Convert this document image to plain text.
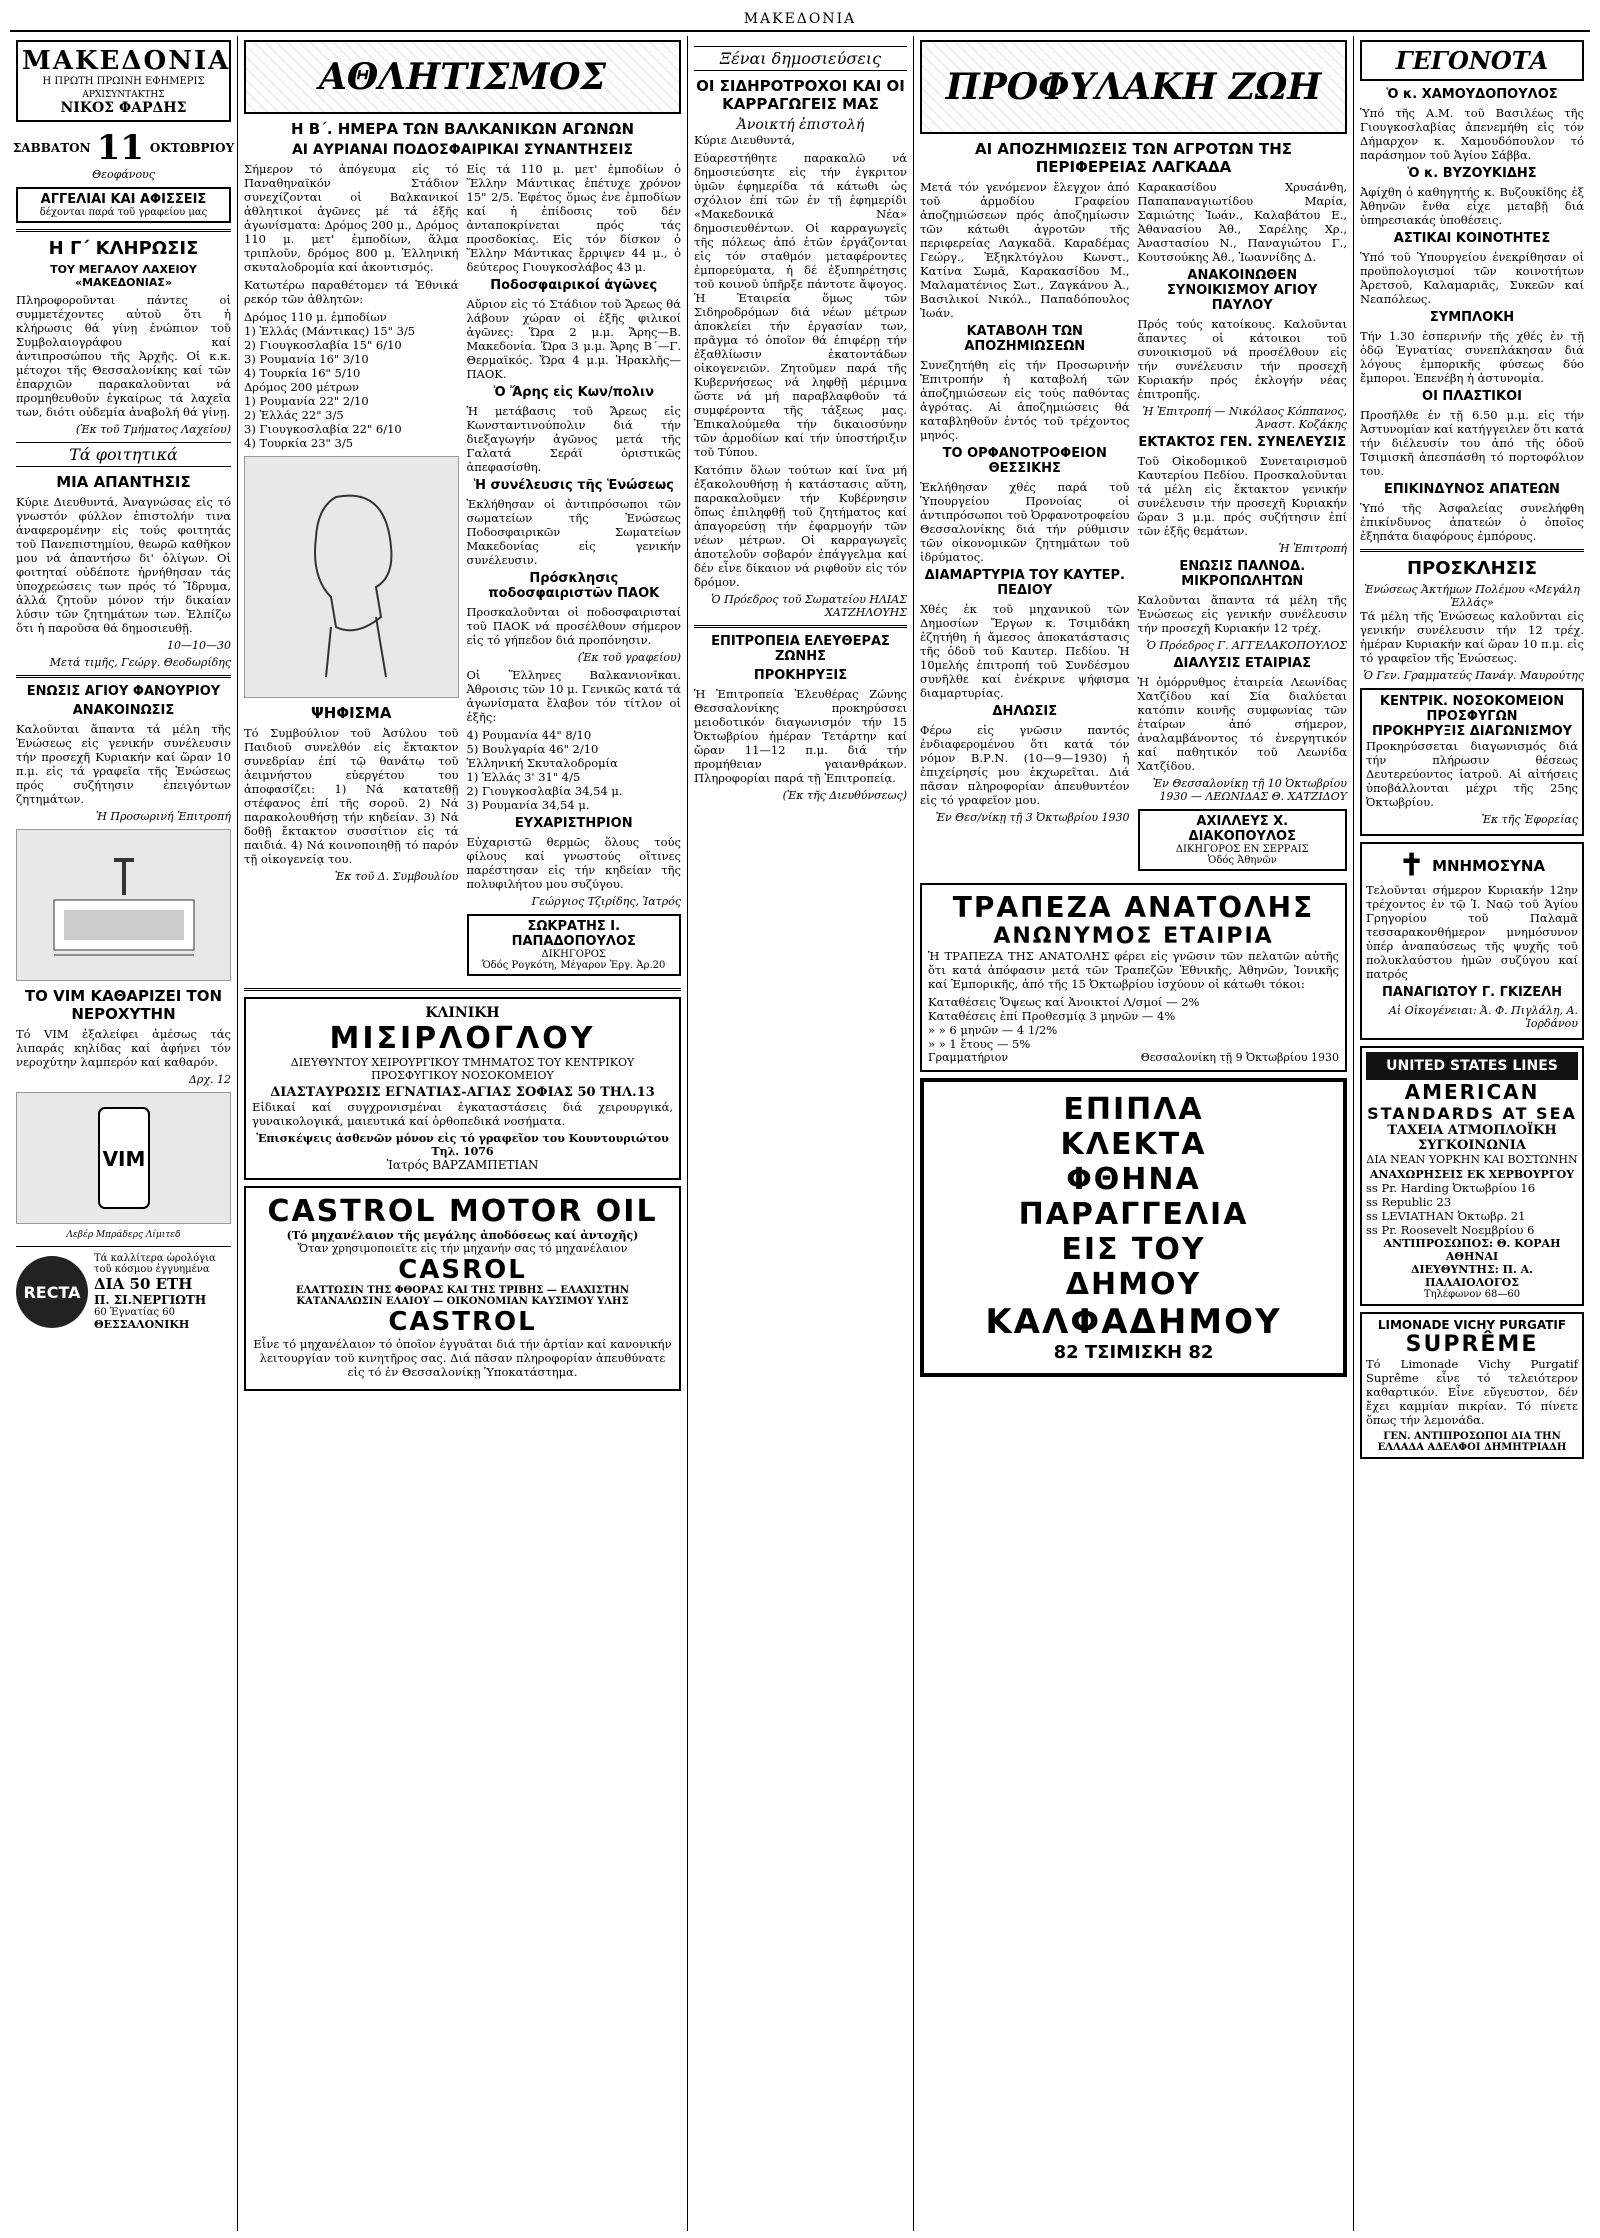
ΜΑΚΕΔΟΝΙΑ
ΜΑΚΕΔΟΝΙΑ
Η ΠΡΩΤΗ ΠΡΩΙΝΗ ΕΦΗΜΕΡΙΣ
ΑΡΧΙΣΥΝΤΑΚΤΗΣ
ΝΙΚΟΣ ΦΑΡΔΗΣ
ΣΑΒΒΑΤΟΝ 11 ΟΚΤΩΒΡΙΟΥ
Θεοφάνους
ΑΓΓΕΛΙΑΙ ΚΑΙ ΑΦΙΣΣΕΙΣ
δέχονται παρά τοῦ γραφείου μας
Η Γ΄ ΚΛΗΡΩΣΙΣ
ΤΟΥ ΜΕΓΑΛΟΥ ΛΑΧΕΙΟΥ «ΜΑΚΕΔΟΝΙΑΣ»

Πληροφοροῦνται πάντες οἱ συμμετέχοντες αὐτοῦ ὅτι ἡ κλήρωσις θά γίνῃ ἐνώπιον τοῦ Συμβολαιογράφου καί ἀντιπροσώπου τῆς Ἀρχῆς. Οἱ κ.κ. μέτοχοι τῆς Θεσσαλονίκης καί τῶν ἐπαρχιῶν παρακαλοῦνται νά προμηθευθοῦν ἐγκαίρως τά λαχεῖα των, διότι οὐδεμία ἀναβολή θά γίνῃ.

(Ἐκ τοῦ Τμήματος Λαχείου)
Τά φοιτητικά
ΜΙΑ ΑΠΑΝΤΗΣΙΣ

Κύριε Διευθυντά, Ἀναγνώσας εἰς τό γνωστόν φύλλον ἐπιστολήν τινα ἀναφερομένην εἰς τούς φοιτητάς τοῦ Πανεπιστημίου, θεωρῶ καθῆκον μου νά ἀπαντήσω δι' ὀλίγων. Οἱ φοιτηταί οὐδέποτε ἠρνήθησαν τάς ὑποχρεώσεις των πρός τό Ἵδρυμα, ἀλλά ζητοῦν μόνον τήν δικαίαν λύσιν τῶν ζητημάτων των. Ἐλπίζω ὅτι ἡ παροῦσα θά δημοσιευθῇ.

10—10—30
Μετά τιμῆς, Γεώργ. Θεοδωρίδης
ΕΝΩΣΙΣ ΑΓΙΟΥ ΦΑΝΟΥΡΙΟΥ
ΑΝΑΚΟΙΝΩΣΙΣ

Καλοῦνται ἅπαντα τά μέλη τῆς Ἑνώσεως εἰς γενικήν συνέλευσιν τήν προσεχῆ Κυριακήν καί ὥραν 10 π.μ. εἰς τά γραφεῖα τῆς Ἑνώσεως πρός συζήτησιν ἐπειγόντων ζητημάτων.

Ἡ Προσωρινή Ἐπιτροπή
ΤΟ VIM ΚΑΘΑΡΙΖΕΙ ΤΟΝ ΝΕΡΟΧΥΤΗΝ

Τό VIM ἐξαλείφει ἀμέσως τάς λιπαράς κηλίδας καί ἀφήνει τόν νεροχύτην λαμπερόν καί καθαρόν.

Δρχ. 12
VIM
Λεβέρ Μπράδερς Λίμιτεδ
RECTA
Τά καλλίτερα ὡρολόγια τοῦ κόσμου ἐγγυημένα
ΔΙΑ 50 ΕΤΗ
Π. ΣΙ.ΝΕΡΓΙΩΤΗ
60 Ἐγνατίας 60
ΘΕΣΣΑΛΟΝΙΚΗ
ΑΘΛΗΤΙΣΜΟΣ
Η Β΄. ΗΜΕΡΑ ΤΩΝ ΒΑΛΚΑΝΙΚΩΝ ΑΓΩΝΩΝ
ΑΙ ΑΥΡΙΑΝΑΙ ΠΟΔΟΣΦΑΙΡΙΚΑΙ ΣΥΝΑΝΤΗΣΕΙΣ

Σήμερον τό ἀπόγευμα εἰς τό Παναθηναϊκόν Στάδιον συνεχίζονται οἱ Βαλκανικοί ἀθλητικοί ἀγῶνες μέ τά ἑξῆς ἀγωνίσματα: Δρόμος 200 μ., Δρόμος 110 μ. μετ' ἐμποδίων, ἅλμα τριπλοῦν, δρόμος 800 μ. Ἑλληνική σκυταλοδρομία καί ἀκοντισμός.

Κατωτέρω παραθέτομεν τά Ἐθνικά ρεκόρ τῶν ἀθλητῶν:

Δρόμος 110 μ. ἐμποδίων
1) Ἑλλάς (Μάντικας) 15" 3/5
2) Γιουγκοσλαβία 15" 6/10
3) Ρουμανία 16" 3/10
4) Τουρκία 16" 5/10
Δρόμος 200 μέτρων
1) Ρουμανία 22" 2/10
2) Ἑλλάς 22" 3/5
3) Γιουγκοσλαβία 22" 6/10
4) Τουρκία 23" 3/5
ΨΗΦΙΣΜΑ

Τό Συμβούλιον τοῦ Ἀσύλου τοῦ Παιδιοῦ συνελθόν εἰς ἔκτακτον συνεδρίαν ἐπί τῷ θανάτῳ τοῦ ἀειμνήστου εὐεργέτου του ἀποφασίζει: 1) Νά κατατεθῇ στέφανος ἐπί τῆς σοροῦ. 2) Νά παρακολουθήσῃ τήν κηδείαν. 3) Νά δοθῇ ἔκτακτον συσσίτιον εἰς τά παιδιά. 4) Νά κοινοποιηθῇ τό παρόν τῇ οἰκογενείᾳ του.

Ἐκ τοῦ Δ. Συμβουλίου

Εἰς τά 110 μ. μετ' ἐμποδίων ὁ Ἕλλην Μάντικας ἐπέτυχε χρόνον 15" 2/5. Ἐφέτος ὅμως ἐνε ἐμποδίων καί ἡ ἐπίδοσις τοῦ δέν ἀνταποκρίνεται πρός τάς προσδοκίας. Εἰς τόν δίσκον ὁ Ἕλλην Μάντικας ἔρριψεν 44 μ., ὁ δεύτερος Γιουγκοσλάβος 43 μ.

Ποδοσφαιρικοί ἀγῶνες

Αὔριον εἰς τό Στάδιον τοῦ Ἄρεως θά λάβουν χώραν οἱ ἑξῆς φιλικοί ἀγῶνες: Ὥρα 2 μ.μ. Ἄρης—Β. Μακεδονία. Ὥρα 3 μ.μ. Ἄρης Β΄—Γ. Θερμαϊκός. Ὥρα 4 μ.μ. Ἡρακλῆς—ΠΑΟΚ.

Ὁ Ἄρης εἰς Κων/πολιν

Ἡ μετάβασις τοῦ Ἄρεως εἰς Κωνσταντινούπολιν διά τήν διεξαγωγήν ἀγῶνος μετά τῆς Γαλατά Σεράϊ ὁριστικῶς ἀπεφασίσθη.

Ἡ συνέλευσις τῆς Ἑνώσεως

Ἐκλήθησαν οἱ ἀντιπρόσωποι τῶν σωματείων τῆς Ἑνώσεως Ποδοσφαιρικῶν Σωματείων Μακεδονίας εἰς γενικήν συνέλευσιν.

Πρόσκλησις ποδοσφαιριστῶν ΠΑΟΚ

Προσκαλοῦνται οἱ ποδοσφαιρισταί τοῦ ΠΑΟΚ νά προσέλθουν σήμερον εἰς τό γήπεδον διά προπόνησιν.

(Ἐκ τοῦ γραφείου)

Οἱ Ἕλληνες Βαλκανιονῖκαι. Ἀθροισις τῶν 10 μ. Γενικῶς κατά τά ἀγωνίσματα ἔλαβον τόν τίτλον οἱ ἑξῆς:

4) Ρουμανία 44" 8/10
5) Βουλγαρία 46" 2/10
Ἑλληνική Σκυταλοδρομία
1) Ἑλλάς 3' 31" 4/5
2) Γιουγκοσλαβία 34,54 μ.
3) Ρουμανία 34,54 μ.
ΕΥΧΑΡΙΣΤΗΡΙΟΝ

Εὐχαριστῶ θερμῶς ὅλους τούς φίλους καί γνωστούς οἵτινες παρέστησαν εἰς τήν κηδείαν τῆς πολυφιλήτου μου συζύγου.

Γεώργιος Τζιρίδης, Ἰατρός
ΣΩΚΡΑΤΗΣ Ι. ΠΑΠΑΔΟΠΟΥΛΟΣ
ΔΙΚΗΓΟΡΟΣ
Ὁδός Ρογκότη, Μέγαρον Ἐργ. Ἀρ.20
ΚΛΙΝΙΚΗ
ΜΙΣΙΡΛΟΓΛΟΥ
ΔΙΕΥΘΥΝΤΟΥ ΧΕΙΡΟΥΡΓΙΚΟΥ ΤΜΗΜΑΤΟΣ ΤΟΥ ΚΕΝΤΡΙΚΟΥ ΠΡΟΣΦΥΓΙΚΟΥ ΝΟΣΟΚΟΜΕΙΟΥ
ΔΙΑΣΤΑΥΡΩΣΙΣ ΕΓΝΑΤΙΑΣ-ΑΓΙΑΣ ΣΟΦΙΑΣ 50 ΤΗΛ.13

Εἰδικαί καί συγχρονισμέναι ἐγκαταστάσεις διά χειρουργικά, γυναικολογικά, μαιευτικά καί ὀρθοπεδικά νοσήματα.

Ἐπισκέψεις ἀσθενῶν μόνον εἰς τό γραφεῖον του Κουντουριώτου Τηλ. 1076
Ἰατρός ΒΑΡΖΑΜΠΕΤΙΑΝ
CASTROL MOTOR OIL
(Τό μηχανέλαιον τῆς μεγάλης ἀποδόσεως καί ἀντοχῆς)
Ὅταν χρησιμοποιεῖτε εἰς τήν μηχανήν σας τό μηχανέλαιον
CASROL
ΕΛΑΤΤΩΣΙΝ ΤΗΣ ΦΘΟΡΑΣ ΚΑΙ ΤΗΣ ΤΡΙΒΗΣ — ΕΛΑΧΙΣΤΗΝ ΚΑΤΑΝΑΛΩΣΙΝ ΕΛΑΙΟΥ — ΟΙΚΟΝΟΜΙΑΝ ΚΑΥΣΙΜΟΥ ΥΛΗΣ
CASTROL

Εἶνε τό μηχανέλαιον τό ὁποῖον ἐγγυᾶται διά τήν ἀρτίαν καί κανονικήν λειτουργίαν τοῦ κινητῆρος σας. Διά πᾶσαν πληροφορίαν ἀπευθύνατε εἰς τό ἐν Θεσσαλονίκῃ Ὑποκατάστημα.

Ξέναι δημοσιεύσεις
ΟΙ ΣΙΔΗΡΟΤΡΟΧΟΙ ΚΑΙ ΟΙ ΚΑΡΡΑΓΩΓΕΙΣ ΜΑΣ
Ἀνοικτή ἐπιστολή
Κύριε Διευθυντά,

Εὐαρεστήθητε παρακαλῶ νά δημοσιεύσητε εἰς τήν ἐγκριτον ὑμῶν ἐφημερίδα τά κάτωθι ὡς σχόλιον ἐπί τῶν ἐν τῇ ἐφημερίδι «Μακεδονικά Νέα» δημοσιευθέντων. Οἱ καρραγωγεῖς τῆς πόλεως ἀπό ἐτῶν ἐργάζονται εἰς τόν σταθμόν μεταφέροντες ἐμπορεύματα, ἡ δέ ἐξυπηρέτησις τοῦ κοινοῦ ὑπῆρξε πάντοτε ἄψογος. Ἡ Ἑταιρεία ὅμως τῶν Σιδηροδρόμων διά νέων μέτρων ἀποκλείει τήν ἐργασίαν των, πρᾶγμα τό ὁποῖον θά ἐπιφέρῃ τήν ἐξαθλίωσιν ἑκατοντάδων οἰκογενειῶν. Ζητοῦμεν παρά τῆς Κυβερνήσεως νά ληφθῇ μέριμνα ὥστε νά μή παραβλαφθοῦν τά συμφέροντα τῆς τάξεως μας. Ἐπικαλούμεθα τήν δικαιοσύνην τῶν ἀρμοδίων καί τήν ὑποστήριξιν τοῦ Τύπου.

Κατόπιν ὅλων τούτων καί ἵνα μή ἐξακολουθήσῃ ἡ κατάστασις αὕτη, παρακαλοῦμεν τήν Κυβέρνησιν ὅπως ἐπιληφθῇ τοῦ ζητήματος καί ἀπαγορεύσῃ τήν ἐφαρμογήν τῶν νέων μέτρων. Οἱ καρραγωγεῖς ἀποτελοῦν σοβαρόν ἐπάγγελμα καί δέν εἶνε δίκαιον νά ριφθοῦν εἰς τόν δρόμον.

Ὁ Πρόεδρος τοῦ Σωματείου ΗΛΙΑΣ ΧΑΤΖΗΛΟΥΗΣ
ΕΠΙΤΡΟΠΕΙΑ ΕΛΕΥΘΕΡΑΣ ΖΩΝΗΣ
ΠΡΟΚΗΡΥΞΙΣ

Ἡ Ἐπιτροπεία Ἐλευθέρας Ζώνης Θεσσαλονίκης προκηρύσσει μειοδοτικόν διαγωνισμόν τήν 15 Ὀκτωβρίου ἡμέραν Τετάρτην καί ὥραν 11—12 π.μ. διά τήν προμήθειαν γαιανθράκων. Πληροφορίαι παρά τῇ Ἐπιτροπείᾳ.

(Ἐκ τῆς Διευθύνσεως)
ΠΡΟΦΥΛΑΚΗ ΖΩΗ
ΑΙ ΑΠΟΖΗΜΙΩΣΕΙΣ ΤΩΝ ΑΓΡΟΤΩΝ ΤΗΣ ΠΕΡΙΦΕΡΕΙΑΣ ΛΑΓΚΑΔΑ

Μετά τόν γενόμενον ἔλεγχον ἀπό τοῦ ἁρμοδίου Γραφείου ἀποζημιώσεων πρός ἀποζημίωσιν τῶν κάτωθι ἀγροτῶν τῆς περιφερείας Λαγκαδᾶ. Καραδέμας Γεώργ., Ἐξηκλτόγλου Κωνστ., Κατίνα Σωμᾶ, Καρακασίδου Μ., Μαλαματένιος Σωτ., Ζαγκάνου Ἀ., Βασιλικοί Νικόλ., Παπαδόπουλος Ἰωάν.

ΚΑΤΑΒΟΛΗ ΤΩΝ ΑΠΟΖΗΜΙΩΣΕΩΝ

Συνεζητήθη εἰς τήν Προσωρινήν Ἐπιτροπήν ἡ καταβολή τῶν ἀποζημιώσεων εἰς τούς παθόντας ἀγρότας. Αἱ ἀποζημιώσεις θά καταβληθοῦν ἐντός τοῦ τρέχοντος μηνός.

ΤΟ ΟΡΦΑΝΟΤΡΟΦΕΙΟΝ ΘΕΣΣΙΚΗΣ

Ἐκλήθησαν χθές παρά τοῦ Ὑπουργείου Προνοίας οἱ ἀντιπρόσωποι τοῦ Ὀρφανοτροφείου Θεσσαλονίκης διά τήν ρύθμισιν τῶν οἰκονομικῶν ζητημάτων τοῦ ἱδρύματος.

ΔΙΑΜΑΡΤΥΡΙΑ ΤΟΥ ΚΑΥΤΕΡ. ΠΕΔΙΟΥ

Χθές ἐκ τοῦ μηχανικοῦ τῶν Δημοσίων Ἔργων κ. Τσιμιδάκη ἐζητήθη ἡ ἄμεσος ἀποκατάστασις τῆς ὁδοῦ τοῦ Καυτερ. Πεδίου. Ἡ 10μελής ἐπιτροπή τοῦ Συνδέσμου συνῆλθε καί ἐνέκρινε ψήφισμα διαμαρτυρίας.

ΔΗΛΩΣΙΣ

Φέρω εἰς γνῶσιν παντός ἐνδιαφερομένου ὅτι κατά τόν νόμον Β.Ρ.Ν. (10—9—1930) ἡ ἐπιχείρησίς μου ἐκχωρεῖται. Διά πᾶσαν πληροφορίαν ἀπευθυντέον εἰς τό γραφεῖον μου.

Ἐν Θεσ/νίκῃ τῇ 3 Ὀκτωβρίου 1930

Καρακασίδου Χρυσάνθη, Παπαπαναγιωτίδου Μαρία, Σαμιώτης Ἰωάν., Καλαβάτου Ε., Ἀθανασίου Ἀθ., Σαρέλης Χρ., Ἀναστασίου Ν., Παναγιώτου Γ., Κουτσούκης Ἀθ., Ἰωαννίδης Δ.

ΑΝΑΚΟΙΝΩΘΕΝ ΣΥΝΟΙΚΙΣΜΟΥ ΑΓΙΟΥ ΠΑΥΛΟΥ

Πρός τούς κατοίκους. Καλοῦνται ἅπαντες οἱ κάτοικοι τοῦ συνοικισμοῦ νά προσέλθουν εἰς τήν συνέλευσιν τήν προσεχῆ Κυριακήν πρός ἐκλογήν νέας ἐπιτροπῆς.

Ἡ Ἐπιτροπή — Νικόλαος Κόππανος, Ἀναστ. Κοζάκης
ΕΚΤΑΚΤΟΣ ΓΕΝ. ΣΥΝΕΛΕΥΣΙΣ

Τοῦ Οἰκοδομικοῦ Συνεταιρισμοῦ Καυτερίου Πεδίου. Προσκαλοῦνται τά μέλη εἰς ἔκτακτον γενικήν συνέλευσιν τήν προσεχῆ Κυριακήν ὥραν 3 μ.μ. πρός συζήτησιν ἐπί τῶν ἑξῆς θεμάτων.

Ἡ Ἐπιτροπή
ΕΝΩΣΙΣ ΠΑΛΝΟΔ. ΜΙΚΡΟΠΩΛΗΤΩΝ

Καλοῦνται ἅπαντα τά μέλη τῆς Ἑνώσεως εἰς γενικήν συνέλευσιν τήν προσεχῆ Κυριακήν 12 τρέχ.

Ὁ Πρόεδρος Γ. ΑΓΓΕΛΑΚΟΠΟΥΛΟΣ
ΔΙΑΛΥΣΙΣ ΕΤΑΙΡΙΑΣ

Ἡ ὁμόρρυθμος ἑταιρεία Λεωνίδας Χατζίδου καί Σία διαλύεται κατόπιν κοινῆς συμφωνίας τῶν ἑταίρων ἀπό σήμερον, ἀναλαμβάνοντος τό ἐνεργητικόν καί παθητικόν τοῦ Λεωνίδα Χατζίδου.

Ἐν Θεσσαλονίκῃ τῇ 10 Ὀκτωβρίου 1930 — ΛΕΩΝΙΔΑΣ Θ. ΧΑΤΖΙΔΟΥ
ΑΧΙΛΛΕΥΣ Χ. ΔΙΑΚΟΠΟΥΛΟΣ
ΔΙΚΗΓΟΡΟΣ ΕΝ ΣΕΡΡΑΙΣ
Ὁδός Ἀθηνῶν
ΤΡΑΠΕΖΑ ΑΝΑΤΟΛΗΣ
ΑΝΩΝΥΜΟΣ ΕΤΑΙΡΙΑ

Ἡ ΤΡΑΠΕΖΑ ΤΗΣ ΑΝΑΤΟΛΗΣ φέρει εἰς γνῶσιν τῶν πελατῶν αὐτῆς ὅτι κατά ἀπόφασιν μετά τῶν Τραπεζῶν Ἐθνικῆς, Ἀθηνῶν, Ἰονικῆς καί Ἐμπορικῆς, ἀπό τῆς 15 Ὀκτωβρίου ἰσχύουν οἱ κάτωθι τόκοι:

Καταθέσεις Ὄψεως καί Ἀνοικτοί Λ/σμοί — 2%
Καταθέσεις ἐπί Προθεσμίᾳ 3 μηνῶν — 4%
» » 6 μηνῶν — 4 1/2%
» » 1 ἔτους — 5%
Γραμματήριον	Θεσσαλονίκη τῇ 9 Ὀκτωβρίου 1930
ΕΠΙΠΛΑ
ΚΛΕΚΤΑ
ΦΘΗΝΑ
ΠΑΡΑΓΓΕΛΙΑ
ΕΙΣ ΤΟΥ
ΔΗΜΟΥ
ΚΑΛΦΑΔΗΜΟΥ
82 ΤΣΙΜΙΣΚΗ 82
ΓΕΓΟΝΟΤΑ
Ὁ κ. ΧΑΜΟΥΔΟΠΟΥΛΟΣ

Ὑπό τῆς Α.Μ. τοῦ Βασιλέως τῆς Γιουγκοσλαβίας ἀπενεμήθη εἰς τόν Δήμαρχον κ. Χαμουδόπουλον τό παράσημον τοῦ Ἁγίου Σάββα.

Ὁ κ. ΒΥΖΟΥΚΙΔΗΣ

Ἀφίχθη ὁ καθηγητής κ. Βυζουκίδης ἐξ Ἀθηνῶν ἔνθα εἶχε μεταβῇ διά ὑπηρεσιακάς ὑποθέσεις.

ΑΣΤΙΚΑΙ ΚΟΙΝΟΤΗΤΕΣ

Ὑπό τοῦ Ὑπουργείου ἐνεκρίθησαν οἱ προϋπολογισμοί τῶν κοινοτήτων Ἀρετσοῦ, Καλαμαριᾶς, Συκεῶν καί Νεαπόλεως.

ΣΥΜΠΛΟΚΗ

Τήν 1.30 ἑσπερινήν τῆς χθές ἐν τῇ ὁδῷ Ἐγνατίας συνεπλάκησαν διά λόγους ἐμπορικῆς φύσεως δύο ἔμποροι. Ἐπενέβη ἡ ἀστυνομία.

ΟΙ ΠΛΑΣΤΙΚΟΙ

Προσῆλθε ἐν τῇ 6.50 μ.μ. εἰς τήν Ἀστυνομίαν καί κατήγγειλεν ὅτι κατά τήν διέλευσίν του ἀπό τῆς ὁδοῦ Τσιμισκῆ ἀπεσπάσθη τό πορτοφόλιον του.

ΕΠΙΚΙΝΔΥΝΟΣ ΑΠΑΤΕΩΝ

Ὑπό τῆς Ἀσφαλείας συνελήφθη ἐπικίνδυνος ἀπατεών ὁ ὁποῖος ἐξηπάτα διαφόρους ἐμπόρους.

ΠΡΟΣΚΛΗΣΙΣ
Ἑνώσεως Ἀκτήμων Πολέμου «Μεγάλη Ἑλλάς»

Τά μέλη τῆς Ἑνώσεως καλοῦνται εἰς γενικήν συνέλευσιν τήν 12 τρέχ. ἡμέραν Κυριακήν καί ὥραν 10 π.μ. εἰς τό γραφεῖον τῆς Ἑνώσεως.

Ὁ Γεν. Γραμματεύς Πανάγ. Μαυρούτης
ΚΕΝΤΡΙΚ. ΝΟΣΟΚΟΜΕΙΟΝ ΠΡΟΣΦΥΓΩΝ
ΠΡΟΚΗΡΥΞΙΣ ΔΙΑΓΩΝΙΣΜΟΥ

Προκηρύσσεται διαγωνισμός διά τήν πλήρωσιν θέσεως Δευτερεύοντος ἰατροῦ. Αἱ αἰτήσεις ὑποβάλλονται μέχρι τῆς 25ης Ὀκτωβρίου.

Ἐκ τῆς Ἐφορείας
✝ ΜΝΗΜΟΣΥΝΑ

Τελοῦνται σήμερον Κυριακήν 12ην τρέχοντος ἐν τῷ Ἱ. Ναῷ τοῦ Ἁγίου Γρηγορίου τοῦ Παλαμᾶ τεσσαρακονθήμερον μνημόσυνον ὑπέρ ἀναπαύσεως τῆς ψυχῆς τοῦ πολυκλαύστου ἡμῶν συζύγου καί πατρός

ΠΑΝΑΓΙΩΤΟΥ Γ. ΓΚΙΖΕΛΗ
Αἱ Οἰκογένειαι: Ἀ. Φ. Πιγλάλη, Α. Ἰορδάνου
UNITED STATES LINES
AMERICAN
STANDARDS AT SEA
ΤΑΧΕΙΑ ΑΤΜΟΠΛΟΪΚΗ ΣΥΓΚΟΙΝΩΝΙΑ
ΔΙΑ ΝΕΑΝ ΥΟΡΚΗΝ ΚΑΙ ΒΟΣΤΩΝΗΝ
ΑΝΑΧΩΡΗΣΕΙΣ ΕΚ ΧΕΡΒΟΥΡΓΟΥ
ss Pr. Harding Ὀκτωβρίου 16
ss Republic 23
ss LEVIATHAN Ὀκτωβρ. 21
ss Pr. Roosevelt Νοεμβρίου 6
ΑΝΤΙΠΡΟΣΩΠΟΣ: Θ. ΚΟΡΑΗ ΑΘΗΝΑΙ
ΔΙΕΥΘΥΝΤΗΣ: Π. Α. ΠΑΛΑΙΟΛΟΓΟΣ
Τηλέφωνον 68—60
LIMONADE VICHY PURGATIF
SUPRÊME

Τό Limonade Vichy Purgatif Suprême εἶνε τό τελειότερον καθαρτικόν. Εἶνε εὔγευστον, δέν ἔχει καμμίαν πικρίαν. Τό πίνετε ὅπως τήν λεμονάδα.

ΓΕΝ. ΑΝΤΙΠΡΟΣΩΠΟΙ ΔΙΑ ΤΗΝ ΕΛΛΑΔΑ ΑΔΕΛΦΟΙ ΔΗΜΗΤΡΙΑΔΗ
